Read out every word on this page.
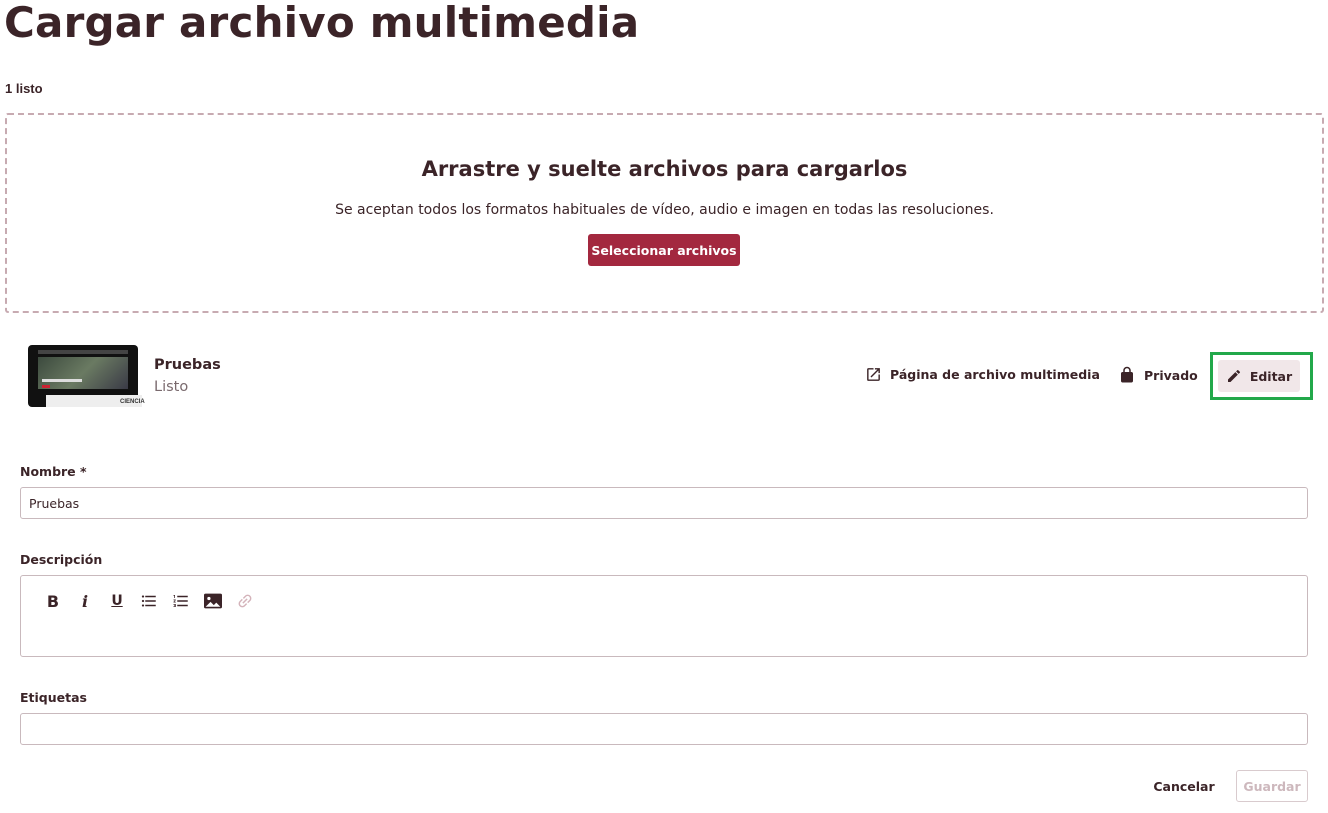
Cargar archivo multimedia
1 listo
Arrastre y suelte archivos para cargarlos
Se aceptan todos los formatos habituales de vídeo, audio e imagen en todas las resoluciones.
Seleccionar archivos
CIENCIA
Pruebas
Listo
Página de archivo multimedia	Privado	Editar
Nombre *
Pruebas
Descripción
B	i	U
Etiquetas
Cancelar	Guardar
